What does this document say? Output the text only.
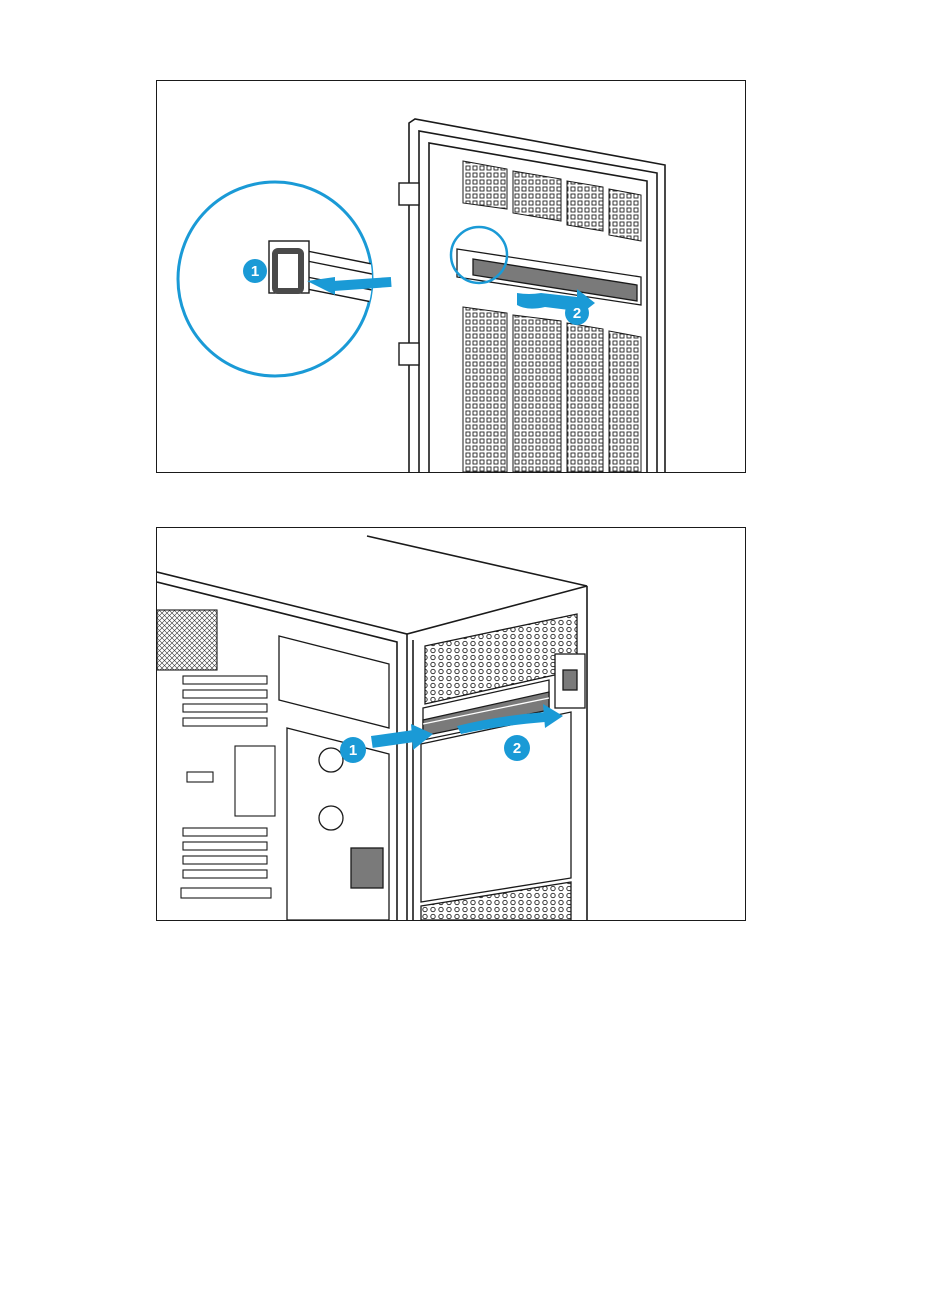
1
2
1	2
